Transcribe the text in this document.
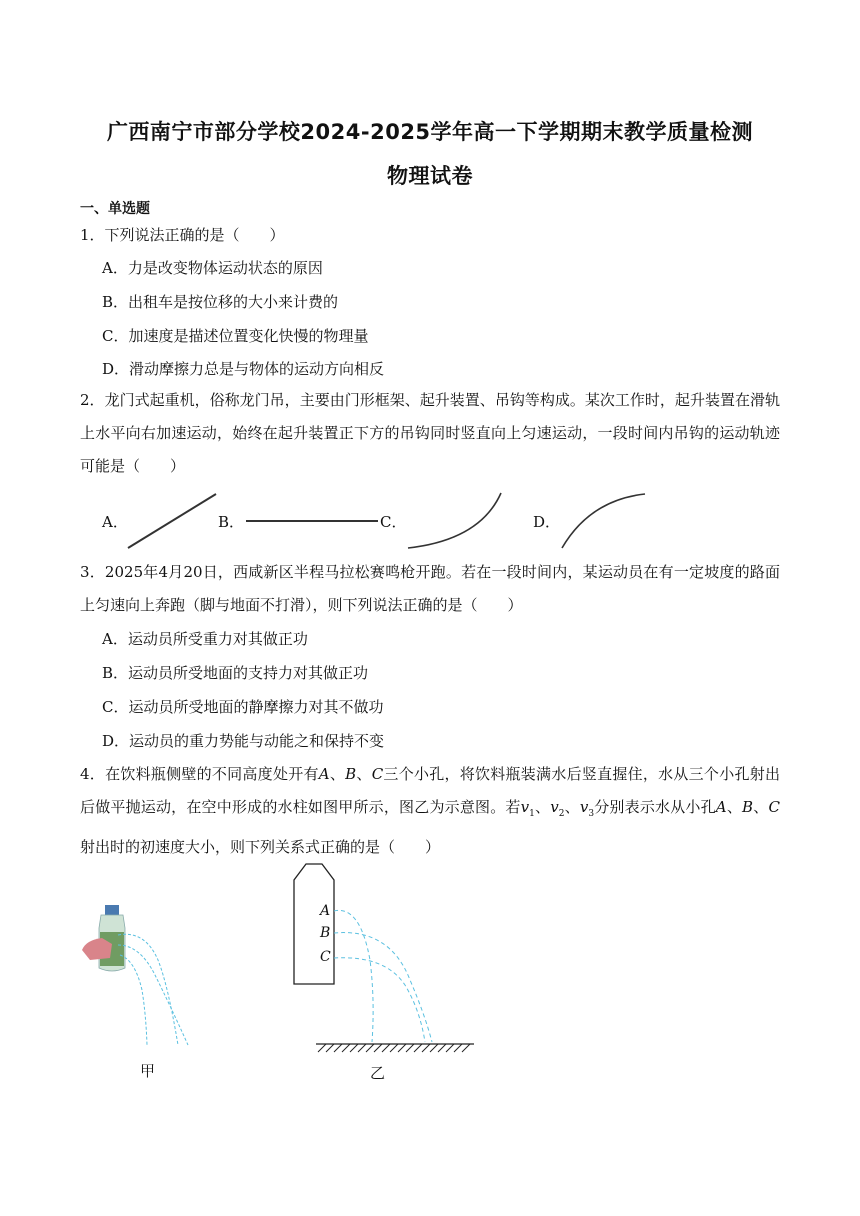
广西南宁市部分学校2024-2025学年高一下学期期末教学质量检测
物理试卷
一、单选题
1．下列说法正确的是（　　）
A．力是改变物体运动状态的原因
B．出租车是按位移的大小来计费的
C．加速度是描述位置变化快慢的物理量
D．滑动摩擦力总是与物体的运动方向相反
2．龙门式起重机，俗称龙门吊，主要由门形框架、起升装置、吊钩等构成。某次工作时，起升装置在滑轨上水平向右加速运动，始终在起升装置正下方的吊钩同时竖直向上匀速运动，一段时间内吊钩的运动轨迹可能是（　　）
A．	B．	C．	D．
3．2025年4月20日，西咸新区半程马拉松赛鸣枪开跑。若在一段时间内，某运动员在有一定坡度的路面上匀速向上奔跑（脚与地面不打滑），则下列说法正确的是（　　）
A．运动员所受重力对其做正功
B．运动员所受地面的支持力对其做正功
C．运动员所受地面的静摩擦力对其不做功
D．运动员的重力势能与动能之和保持不变
4．在饮料瓶侧壁的不同高度处开有A、B、C三个小孔，将饮料瓶装满水后竖直握住，水从三个小孔射出后做平抛运动，在空中形成的水柱如图甲所示，图乙为示意图。若$v_1$、$v_2$、$v_3$分别表示水从小孔A、B、C射出时的初速度大小，则下列关系式正确的是（　　）
甲
A
B
C
乙
